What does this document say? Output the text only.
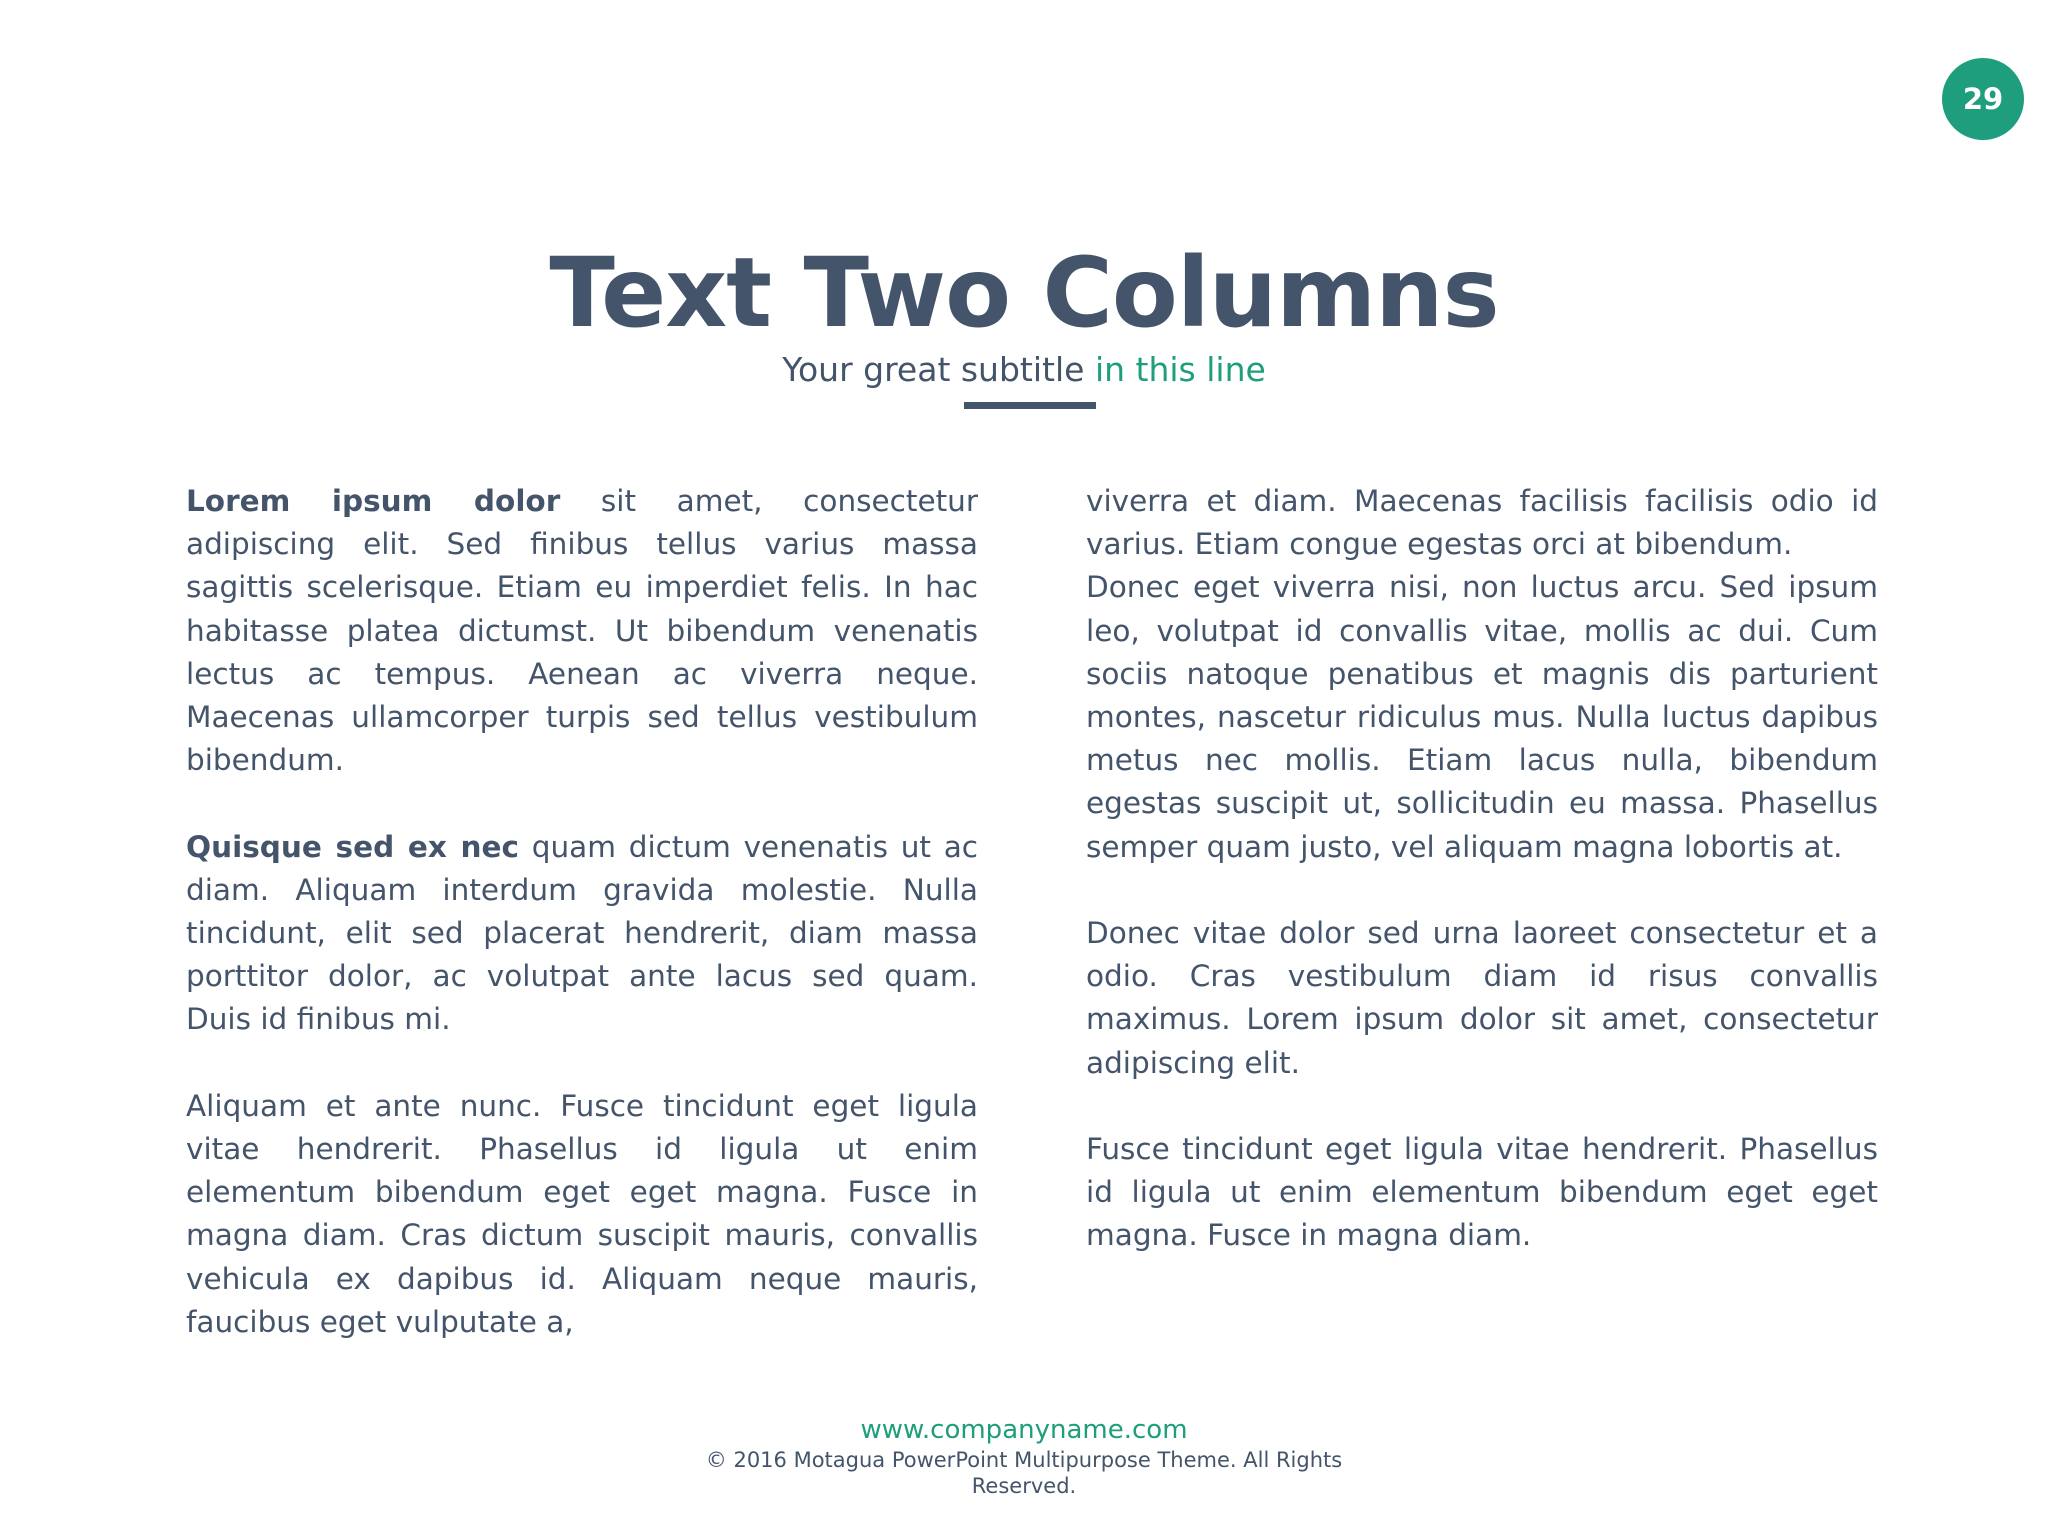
29
Text Two Columns
Your great subtitle in this line

Lorem ipsum dolor sit amet, consectetur adipiscing elit. Sed finibus tellus varius massa sagittis scelerisque. Etiam eu imperdiet felis. In hac habitasse platea dictumst. Ut bibendum venenatis lectus ac tempus. Aenean ac viverra neque. Maecenas ullamcorper turpis sed tellus vestibulum bibendum.

Quisque sed ex nec quam dictum venenatis ut ac diam. Aliquam interdum gravida molestie. Nulla tincidunt, elit sed placerat hendrerit, diam massa porttitor dolor, ac volutpat ante lacus sed quam. Duis id finibus mi.

Aliquam et ante nunc. Fusce tincidunt eget ligula vitae hendrerit. Phasellus id ligula ut enim elementum bibendum eget eget magna. Fusce in magna diam. Cras dictum suscipit mauris, convallis vehicula ex dapibus id. Aliquam neque mauris, faucibus eget vulputate a,

viverra et diam. Maecenas facilisis facilisis odio id varius. Etiam congue egestas orci at bibendum.

Donec eget viverra nisi, non luctus arcu. Sed ipsum leo, volutpat id convallis vitae, mollis ac dui. Cum sociis natoque penatibus et magnis dis parturient montes, nascetur ridiculus mus. Nulla luctus dapibus metus nec mollis. Etiam lacus nulla, bibendum egestas suscipit ut, sollicitudin eu massa. Phasellus semper quam justo, vel aliquam magna lobortis at.

Donec vitae dolor sed urna laoreet consectetur et a odio. Cras vestibulum diam id risus convallis maximus. Lorem ipsum dolor sit amet, consectetur adipiscing elit.

Fusce tincidunt eget ligula vitae hendrerit. Phasellus id ligula ut enim elementum bibendum eget eget magna. Fusce in magna diam.

www.companyname.com
© 2016 Motagua PowerPoint Multipurpose Theme. All Rights Reserved.
